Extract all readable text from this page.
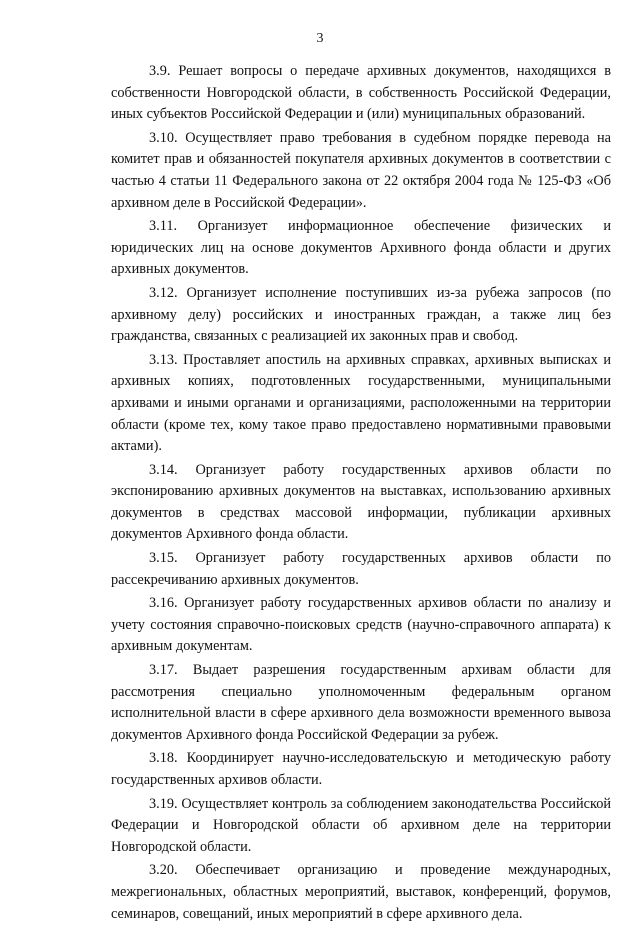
3

3.9. Решает вопросы о передаче архивных документов, находящихся в собственности Новгородской области, в собственность Российской Федерации, иных субъектов Российской Федерации и (или) муниципальных образований.

3.10. Осуществляет право требования в судебном порядке перевода на комитет прав и обязанностей покупателя архивных документов в соответствии с частью 4 статьи 11 Федерального закона от 22 октября 2004 года № 125-ФЗ «Об архивном деле в Российской Федерации».

3.11. Организует информационное обеспечение физических и юридических лиц на основе документов Архивного фонда области и других архивных документов.

3.12. Организует исполнение поступивших из-за рубежа запросов (по архивному делу) российских и иностранных граждан, а также лиц без гражданства, связанных с реализацией их законных прав и свобод.

3.13. Проставляет апостиль на архивных справках, архивных выписках и архивных копиях, подготовленных государственными, муниципальными архивами и иными органами и организациями, расположенными на территории области (кроме тех, кому такое право предоставлено нормативными правовыми актами).

3.14. Организует работу государственных архивов области по экспонированию архивных документов на выставках, использованию архивных документов в средствах массовой информации, публикации архивных документов Архивного фонда области.

3.15. Организует работу государственных архивов области по рассекречиванию архивных документов.

3.16. Организует работу государственных архивов области по анализу и учету состояния справочно-поисковых средств (научно-справочного аппарата) к архивным документам.

3.17. Выдает разрешения государственным архивам области для рассмотрения специально уполномоченным федеральным органом исполнительной власти в сфере архивного дела возможности временного вывоза документов Архивного фонда Российской Федерации за рубеж.

3.18. Координирует научно-исследовательскую и методическую работу государственных архивов области.

3.19. Осуществляет контроль за соблюдением законодательства Российской Федерации и Новгородской области об архивном деле на территории Новгородской области.

3.20. Обеспечивает организацию и проведение международных, межрегиональных, областных мероприятий, выставок, конференций, форумов, семинаров, совещаний, иных мероприятий в сфере архивного дела.
